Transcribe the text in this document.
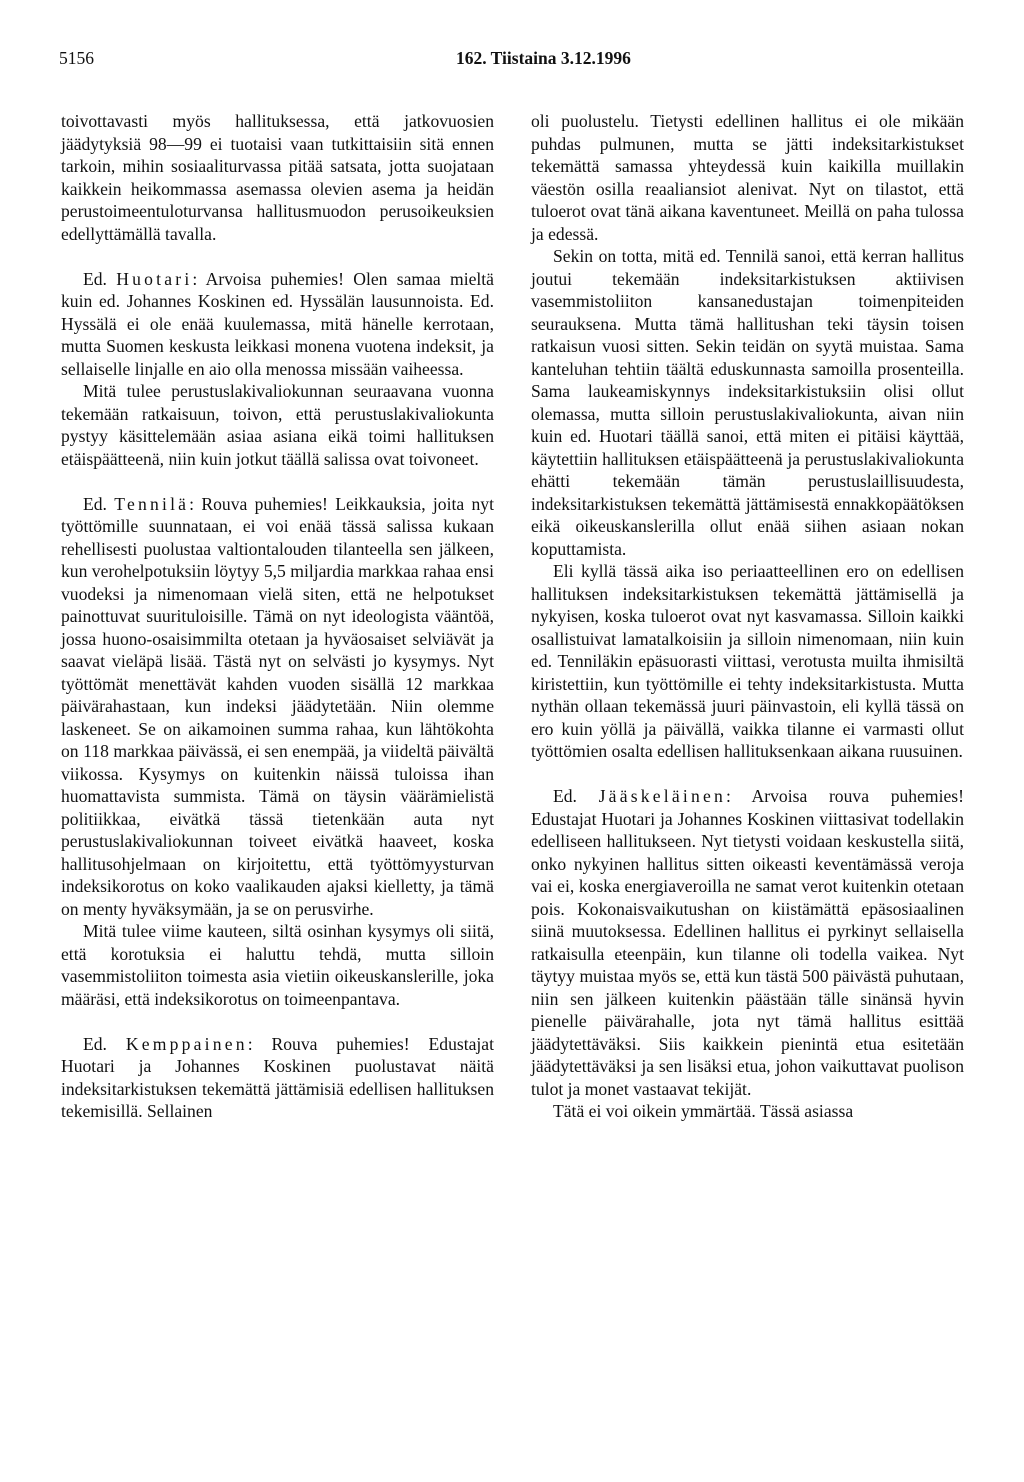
5156	162. Tiistaina 3.12.1996

toivottavasti myös hallituksessa, että jatkovuosien jäädytyksiä 98—99 ei tuotaisi vaan tutkittaisiin sitä ennen tarkoin, mihin sosiaaliturvassa pitää satsata, jotta suojataan kaikkein heikommassa asemassa olevien asema ja heidän perustoimeentuloturvansa hallitusmuodon perusoikeuksien edellyttämällä tavalla.

Ed. Huotari: Arvoisa puhemies! Olen samaa mieltä kuin ed. Johannes Koskinen ed. Hyssälän lausunnoista. Ed. Hyssälä ei ole enää kuulemassa, mitä hänelle kerrotaan, mutta Suomen keskusta leikkasi monena vuotena indeksit, ja sellaiselle linjalle en aio olla menossa missään vaiheessa.

Mitä tulee perustuslakivaliokunnan seuraavana vuonna tekemään ratkaisuun, toivon, että perustuslakivaliokunta pystyy käsittelemään asiaa asiana eikä toimi hallituksen etäispäätteenä, niin kuin jotkut täällä salissa ovat toivoneet.

Ed. Tennilä: Rouva puhemies! Leikkauksia, joita nyt työttömille suunnataan, ei voi enää tässä salissa kukaan rehellisesti puolustaa valtiontalouden tilanteella sen jälkeen, kun verohelpotuksiin löytyy 5,5 miljardia markkaa rahaa ensi vuodeksi ja nimenomaan vielä siten, että ne helpotukset painottuvat suurituloisille. Tämä on nyt ideologista vääntöä, jossa huono-osaisimmilta otetaan ja hyväosaiset selviävät ja saavat vieläpä lisää. Tästä nyt on selvästi jo kysymys. Nyt työttömät menettävät kahden vuoden sisällä 12 markkaa päivärahastaan, kun indeksi jäädytetään. Niin olemme laskeneet. Se on aikamoinen summa rahaa, kun lähtökohta on 118 markkaa päivässä, ei sen enempää, ja viideltä päivältä viikossa. Kysymys on kuitenkin näissä tuloissa ihan huomattavista summista. Tämä on täysin väärämielistä politiikkaa, eivätkä tässä tietenkään auta nyt perustuslakivaliokunnan toiveet eivätkä haaveet, koska hallitusohjelmaan on kirjoitettu, että työttömyysturvan indeksikorotus on koko vaalikauden ajaksi kielletty, ja tämä on menty hyväksymään, ja se on perusvirhe.

Mitä tulee viime kauteen, siltä osinhan kysymys oli siitä, että korotuksia ei haluttu tehdä, mutta silloin vasemmistoliiton toimesta asia vietiin oikeuskanslerille, joka määräsi, että indeksikorotus on toimeenpantava.

Ed. Kemppainen: Rouva puhemies! Edustajat Huotari ja Johannes Koskinen puolustavat näitä indeksitarkistuksen tekemättä jättämisiä edellisen hallituksen tekemisillä. Sellainen

oli puolustelu. Tietysti edellinen hallitus ei ole mikään puhdas pulmunen, mutta se jätti indeksitarkistukset tekemättä samassa yhteydessä kuin kaikilla muillakin väestön osilla reaaliansiot alenivat. Nyt on tilastot, että tuloerot ovat tänä aikana kaventuneet. Meillä on paha tulossa ja edessä.

Sekin on totta, mitä ed. Tennilä sanoi, että kerran hallitus joutui tekemään indeksitarkistuksen aktiivisen vasemmistoliiton kansanedustajan toimenpiteiden seurauksena. Mutta tämä hallitushan teki täysin toisen ratkaisun vuosi sitten. Sekin teidän on syytä muistaa. Sama kanteluhan tehtiin täältä eduskunnasta samoilla prosenteilla. Sama laukeamiskynnys indeksitarkistuksiin olisi ollut olemassa, mutta silloin perustuslakivaliokunta, aivan niin kuin ed. Huotari täällä sanoi, että miten ei pitäisi käyttää, käytettiin hallituksen etäispäätteenä ja perustuslakivaliokunta ehätti tekemään tämän perustuslaillisuudesta, indeksitarkistuksen tekemättä jättämisestä ennakkopäätöksen eikä oikeuskanslerilla ollut enää siihen asiaan nokan koputtamista.

Eli kyllä tässä aika iso periaatteellinen ero on edellisen hallituksen indeksitarkistuksen tekemättä jättämisellä ja nykyisen, koska tuloerot ovat nyt kasvamassa. Silloin kaikki osallistuivat lamatalkoisiin ja silloin nimenomaan, niin kuin ed. Tenniläkin epäsuorasti viittasi, verotusta muilta ihmisiltä kiristettiin, kun työttömille ei tehty indeksitarkistusta. Mutta nythän ollaan tekemässä juuri päinvastoin, eli kyllä tässä on ero kuin yöllä ja päivällä, vaikka tilanne ei varmasti ollut työttömien osalta edellisen hallituksenkaan aikana ruusuinen.

Ed. Jääskeläinen: Arvoisa rouva puhemies! Edustajat Huotari ja Johannes Koskinen viittasivat todellakin edelliseen hallitukseen. Nyt tietysti voidaan keskustella siitä, onko nykyinen hallitus sitten oikeasti keventämässä veroja vai ei, koska energiaveroilla ne samat verot kuitenkin otetaan pois. Kokonaisvaikutushan on kiistämättä epäsosiaalinen siinä muutoksessa. Edellinen hallitus ei pyrkinyt sellaisella ratkaisulla eteenpäin, kun tilanne oli todella vaikea. Nyt täytyy muistaa myös se, että kun tästä 500 päivästä puhutaan, niin sen jälkeen kuitenkin päästään tälle sinänsä hyvin pienelle päivärahalle, jota nyt tämä hallitus esittää jäädytettäväksi. Siis kaikkein pienintä etua esitetään jäädytettäväksi ja sen lisäksi etua, johon vaikuttavat puolison tulot ja monet vastaavat tekijät.

Tätä ei voi oikein ymmärtää. Tässä asiassa
